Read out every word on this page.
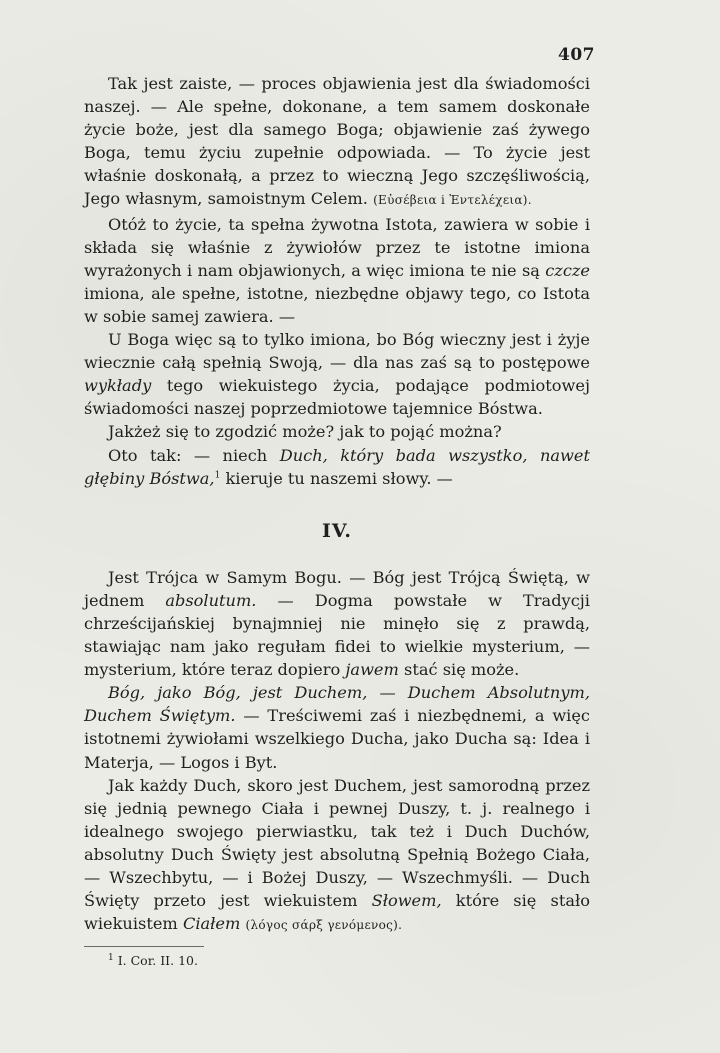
407

Tak jest zaiste, — proces objawienia jest dla świadomości naszej. — Ale spełne, dokonane, a tem samem doskonałe życie boże, jest dla samego Boga; objawienie zaś żywego Boga, temu życiu zupełnie odpowiada. — To życie jest właśnie doskonałą, a przez to wieczną Jego szczęśliwością, Jego własnym, samoistnym Celem. (Εὐσέβεια i Ἐντελέχεια).

Otóż to życie, ta spełna żywotna Istota, zawiera w sobie i składa się właśnie z żywiołów przez te istotne imiona wyrażonych i nam objawionych, a więc imiona te nie są czcze imiona, ale spełne, istotne, niezbędne objawy tego, co Istota w sobie samej zawiera. —

U Boga więc są to tylko imiona, bo Bóg wieczny jest i żyje wiecznie całą spełnią Swoją, — dla nas zaś są to postępowe wykłady tego wiekuistego życia, podające podmiotowej świadomości naszej poprzedmiotowe tajemnice Bóstwa.

Jakżeż się to zgodzić może? jak to pojąć można?

Oto tak: — niech Duch, który bada wszystko, nawet głębiny Bóstwa,$^1$ kieruje tu naszemi słowy. —

IV.

Jest Trójca w Samym Bogu. — Bóg jest Trójcą Świętą, w jednem absolutum. — Dogma powstałe w Tradycji chrześcijańskiej bynajmniej nie minęło się z prawdą, stawiając nam jako regułam fidei to wielkie mysterium, — mysterium, które teraz dopiero jawem stać się może.

Bóg, jako Bóg, jest Duchem, — Duchem Absolutnym, Duchem Świętym. — Treściwemi zaś i niezbędnemi, a więc istotnemi żywiołami wszelkiego Ducha, jako Ducha są: Idea i Materja, — Logos i Byt.

Jak każdy Duch, skoro jest Duchem, jest samorodną przez się jednią pewnego Ciała i pewnej Duszy, t. j. realnego i idealnego swojego pierwiastku, tak też i Duch Duchów, absolutny Duch Święty jest absolutną Spełnią Bożego Ciała, — Wszechbytu, — i Bożej Duszy, — Wszechmyśli. — Duch Święty przeto jest wiekuistem Słowem, które się stało wiekuistem Ciałem (λόγος σάρξ γενόμενος).

$^1$ I. Cor. II. 10.
